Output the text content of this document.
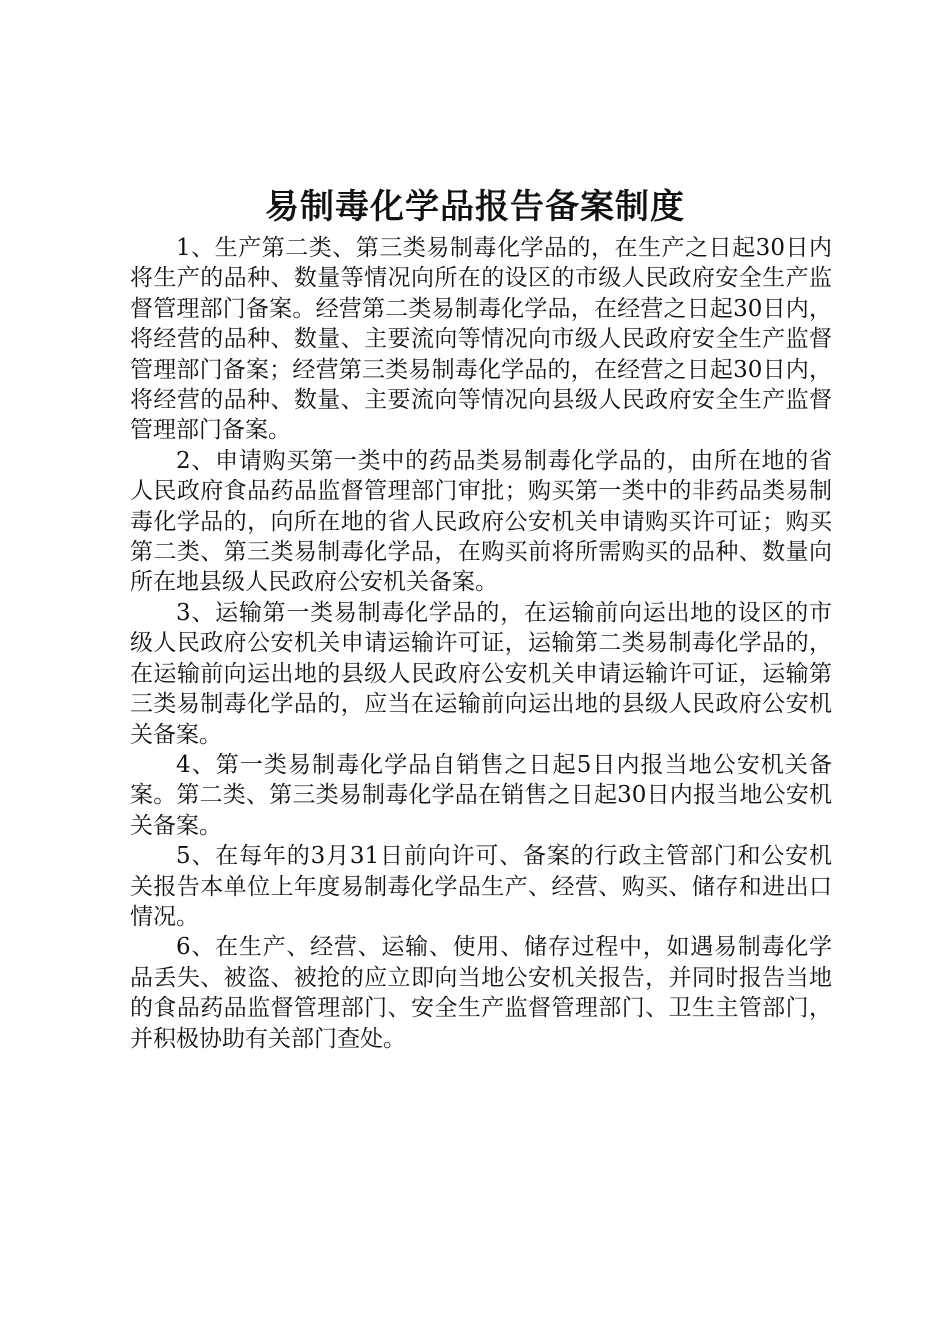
易制毒化学品报告备案制度

1、生产第二类、第三类易制毒化学品的，在生产之日起30日内将生产的品种、数量等情况向所在的设区的市级人民政府安全生产监督管理部门备案。经营第二类易制毒化学品，在经营之日起30日内，将经营的品种、数量、主要流向等情况向市级人民政府安全生产监督管理部门备案；经营第三类易制毒化学品的，在经营之日起30日内，将经营的品种、数量、主要流向等情况向县级人民政府安全生产监督管理部门备案。

2、申请购买第一类中的药品类易制毒化学品的，由所在地的省人民政府食品药品监督管理部门审批；购买第一类中的非药品类易制毒化学品的，向所在地的省人民政府公安机关申请购买许可证；购买第二类、第三类易制毒化学品，在购买前将所需购买的品种、数量向所在地县级人民政府公安机关备案。

3、运输第一类易制毒化学品的，在运输前向运出地的设区的市级人民政府公安机关申请运输许可证，运输第二类易制毒化学品的，在运输前向运出地的县级人民政府公安机关申请运输许可证，运输第三类易制毒化学品的，应当在运输前向运出地的县级人民政府公安机关备案。

4、第一类易制毒化学品自销售之日起5日内报当地公安机关备案。第二类、第三类易制毒化学品在销售之日起30日内报当地公安机关备案。

5、在每年的3月31日前向许可、备案的行政主管部门和公安机关报告本单位上年度易制毒化学品生产、经营、购买、储存和进出口情况。

6、在生产、经营、运输、使用、储存过程中，如遇易制毒化学品丢失、被盗、被抢的应立即向当地公安机关报告，并同时报告当地的食品药品监督管理部门、安全生产监督管理部门、卫生主管部门，并积极协助有关部门查处。
